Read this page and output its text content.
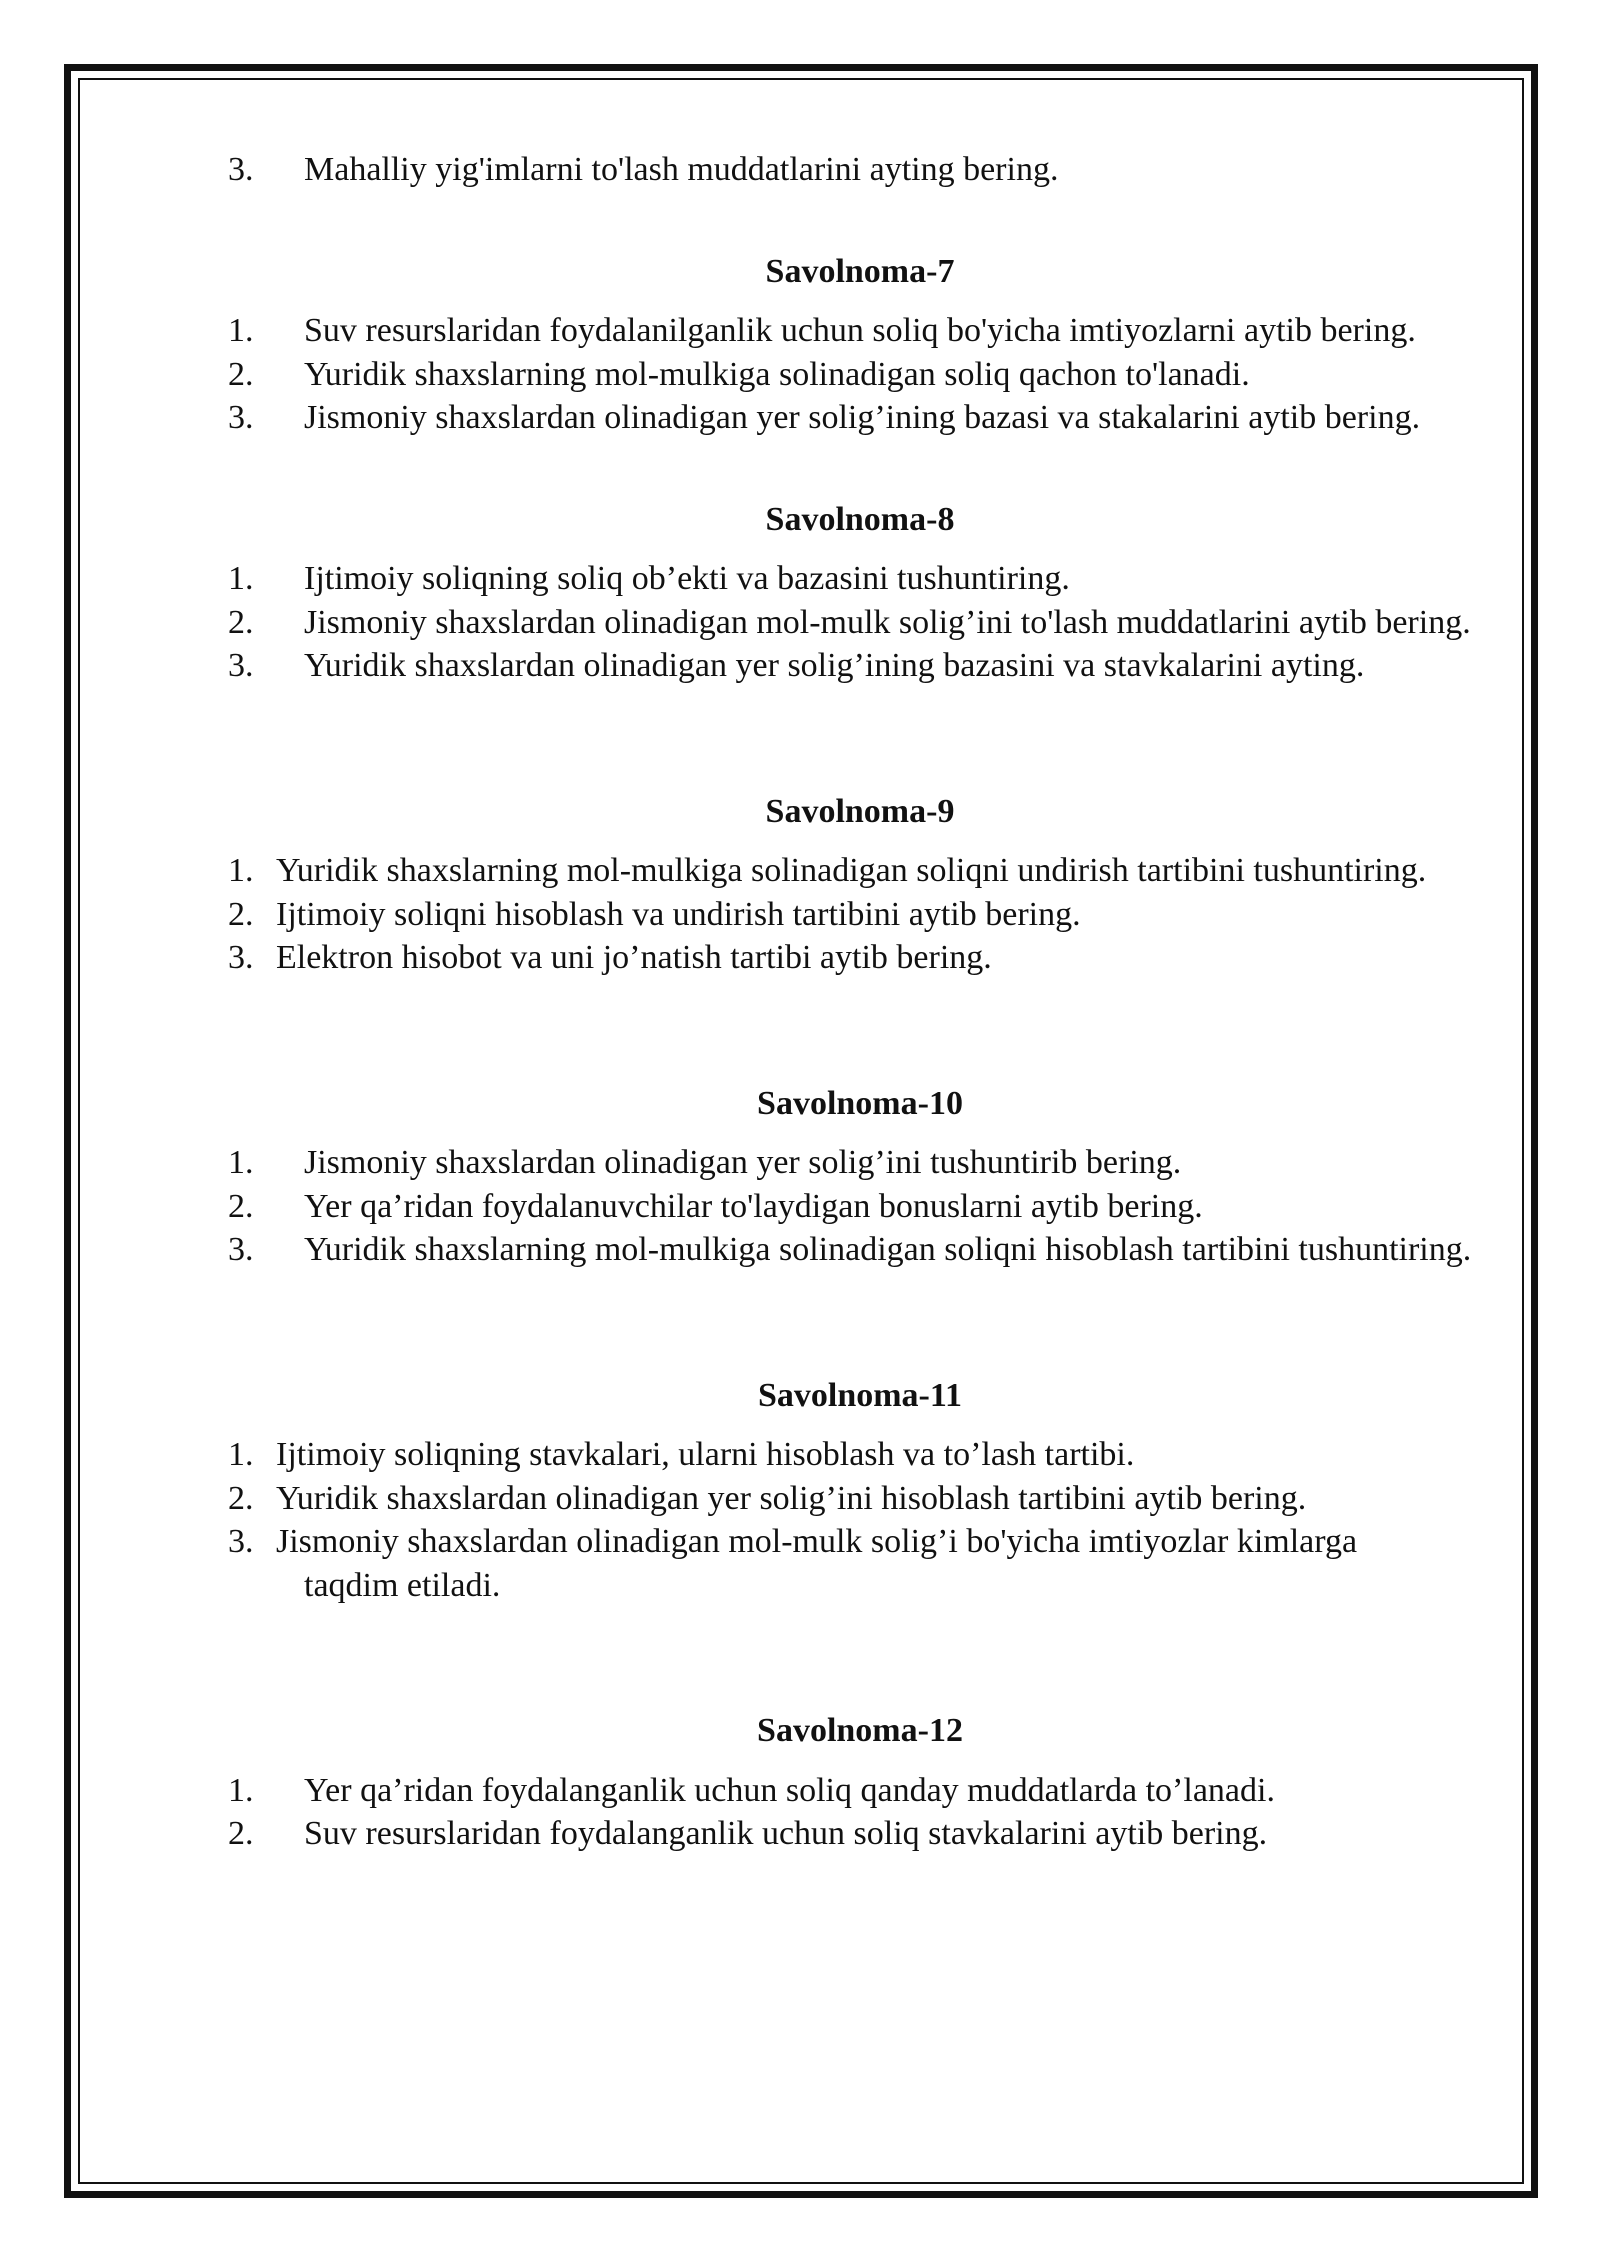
3. Mahalliy yig'imlarni to'lash muddatlarini ayting bering.

Savolnoma-7

1. Suv resurslaridan foydalanilganlik uchun soliq bo'yicha imtiyozlarni aytib bering.
2. Yuridik shaxslarning mol-mulkiga solinadigan soliq qachon to'lanadi.
3. Jismoniy shaxslardan olinadigan yer solig’ining bazasi va stakalarini aytib bering.

Savolnoma-8

1. Ijtimoiy soliqning soliq ob’ekti va bazasini tushuntiring.
2. Jismoniy shaxslardan olinadigan mol-mulk solig’ini to'lash muddatlarini aytib bering.
3. Yuridik shaxslardan olinadigan yer solig’ining bazasini va stavkalarini ayting.

Savolnoma-9

1. Yuridik shaxslarning mol-mulkiga solinadigan soliqni undirish tartibini tushuntiring.
2. Ijtimoiy soliqni hisoblash va undirish tartibini aytib bering.
3. Elektron hisobot va uni jo’natish tartibi aytib bering.

Savolnoma-10

1. Jismoniy shaxslardan olinadigan yer solig’ini tushuntirib bering.
2. Yer qa’ridan foydalanuvchilar to'laydigan bonuslarni aytib bering.
3. Yuridik shaxslarning mol-mulkiga solinadigan soliqni hisoblash tartibini tushuntiring.

Savolnoma-11

1. Ijtimoiy soliqning stavkalari, ularni hisoblash va to’lash tartibi.
2. Yuridik shaxslardan olinadigan yer solig’ini hisoblash tartibini aytib bering.
3. Jismoniy shaxslardan olinadigan mol-mulk solig’i bo'yicha imtiyozlar kimlarga
taqdim etiladi.

Savolnoma-12

1. Yer qa’ridan foydalanganlik uchun soliq qanday muddatlarda to’lanadi.
2. Suv resurslaridan foydalanganlik uchun soliq stavkalarini aytib bering.
